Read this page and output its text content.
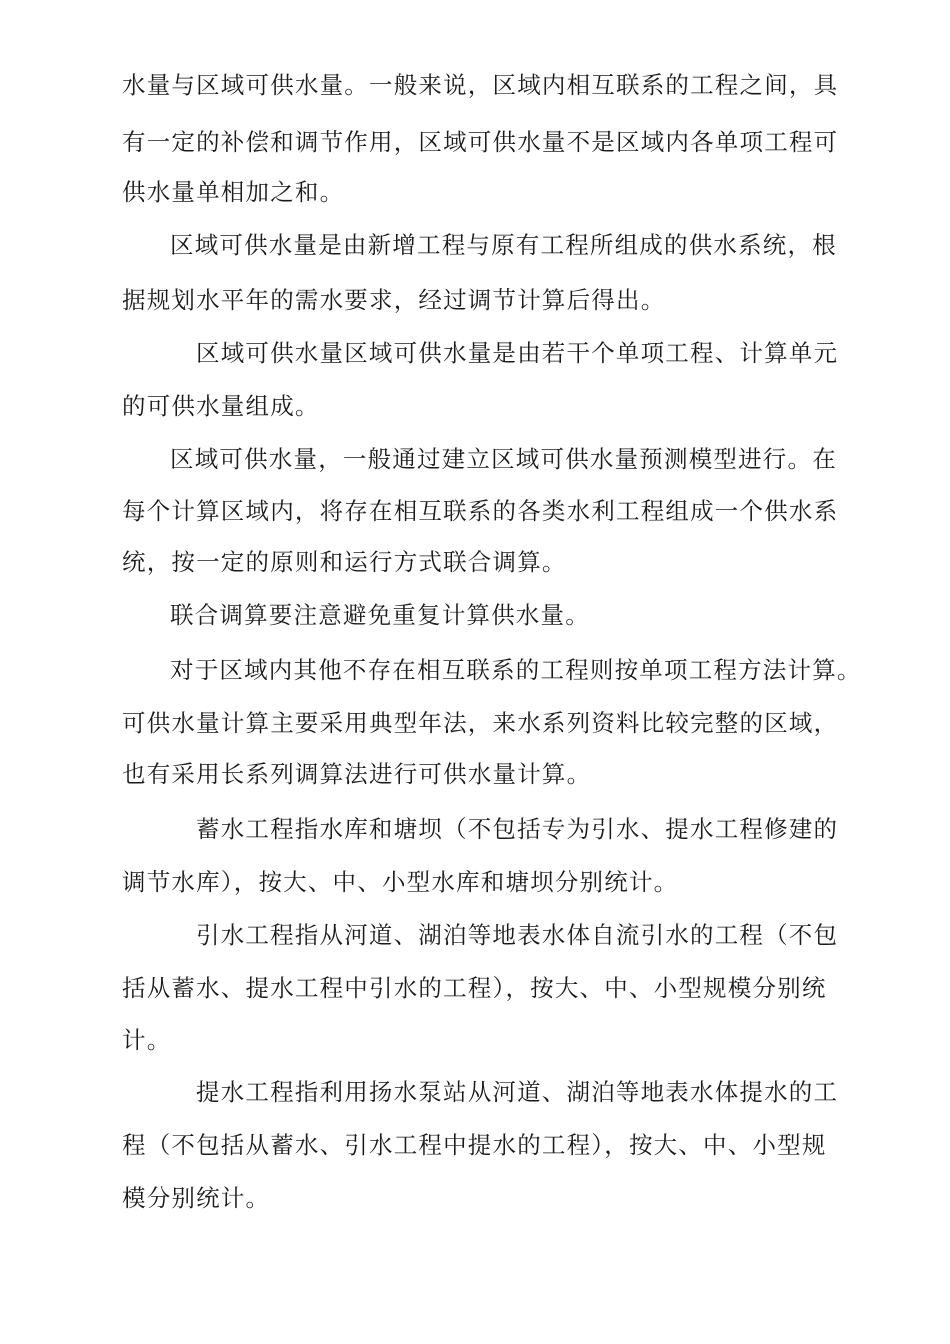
水量与区域可供水量。一般来说，区域内相互联系的工程之间，具
有一定的补偿和调节作用，区域可供水量不是区域内各单项工程可
供水量单相加之和。
区域可供水量是由新增工程与原有工程所组成的供水系统，根
据规划水平年的需水要求，经过调节计算后得出。
区域可供水量区域可供水量是由若干个单项工程、计算单元
的可供水量组成。
区域可供水量，一般通过建立区域可供水量预测模型进行。在
每个计算区域内，将存在相互联系的各类水利工程组成一个供水系
统，按一定的原则和运行方式联合调算。
联合调算要注意避免重复计算供水量。
对于区域内其他不存在相互联系的工程则按单项工程方法计算。
可供水量计算主要采用典型年法，来水系列资料比较完整的区域，
也有采用长系列调算法进行可供水量计算。
蓄水工程指水库和塘坝（不包括专为引水、提水工程修建的
调节水库），按大、中、小型水库和塘坝分别统计。
引水工程指从河道、湖泊等地表水体自流引水的工程（不包
括从蓄水、提水工程中引水的工程），按大、中、小型规模分别统
计。
提水工程指利用扬水泵站从河道、湖泊等地表水体提水的工
程（不包括从蓄水、引水工程中提水的工程），按大、中、小型规
模分别统计。
